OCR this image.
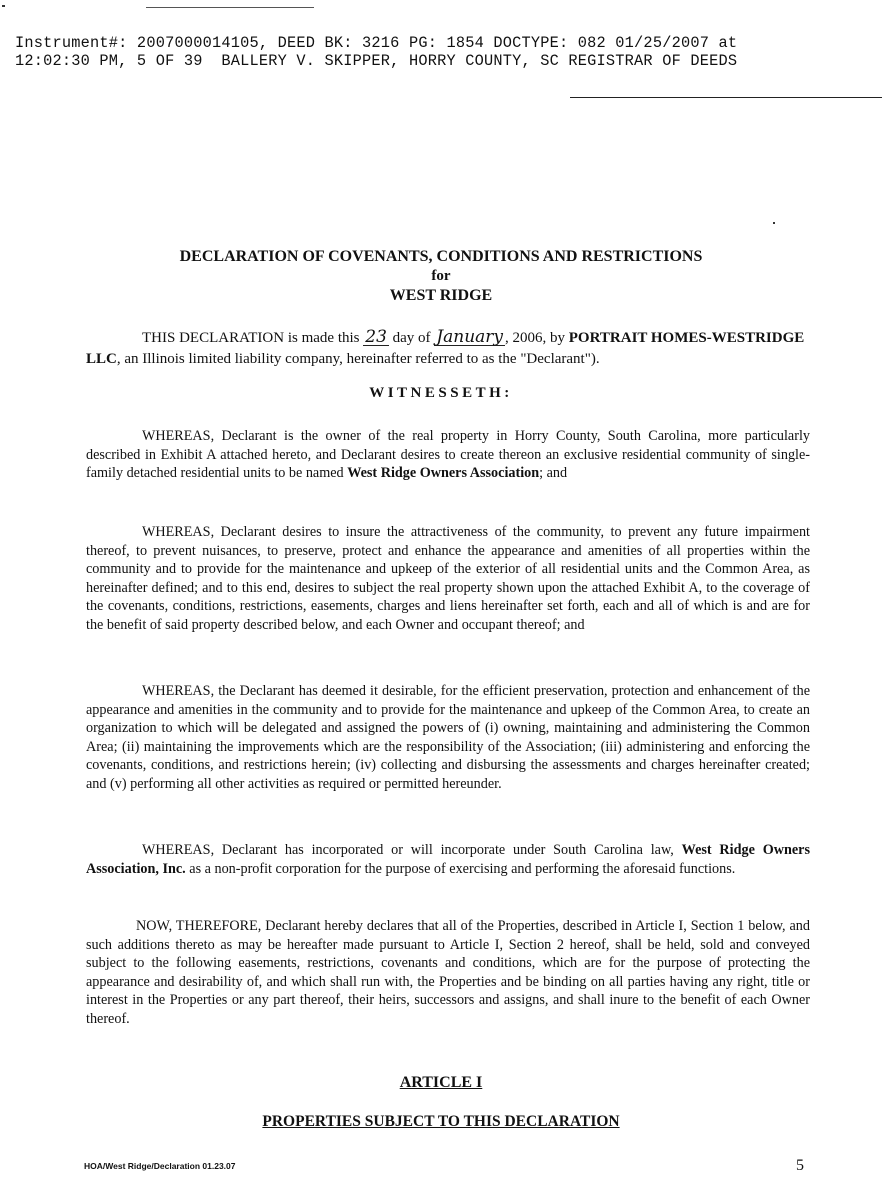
Instrument#: 2007000014105, DEED BK: 3216 PG: 1854 DOCTYPE: 082 01/25/2007 at
12:02:30 PM, 5 OF 39  BALLERY V. SKIPPER, HORRY COUNTY, SC REGISTRAR OF DEEDS
DECLARATION OF COVENANTS, CONDITIONS AND RESTRICTIONS
for
WEST RIDGE
THIS DECLARATION is made this 23 day of January , 2006, by PORTRAIT HOMES-WESTRIDGE LLC, an Illinois limited liability company, hereinafter referred to as the "Declarant").
WITNESSETH:
WHEREAS, Declarant is the owner of the real property in Horry County, South Carolina, more particularly described in Exhibit A attached hereto, and Declarant desires to create thereon an exclusive residential community of single-family detached residential units to be named West Ridge Owners Association; and
WHEREAS, Declarant desires to insure the attractiveness of the community, to prevent any future impairment thereof, to prevent nuisances, to preserve, protect and enhance the appearance and amenities of all properties within the community and to provide for the maintenance and upkeep of the exterior of all residential units and the Common Area, as hereinafter defined; and to this end, desires to subject the real property shown upon the attached Exhibit A, to the coverage of the covenants, conditions, restrictions, easements, charges and liens hereinafter set forth, each and all of which is and are for the benefit of said property described below, and each Owner and occupant thereof; and
WHEREAS, the Declarant has deemed it desirable, for the efficient preservation, protection and enhancement of the appearance and amenities in the community and to provide for the maintenance and upkeep of the Common Area, to create an organization to which will be delegated and assigned the powers of (i) owning, maintaining and administering the Common Area; (ii) maintaining the improvements which are the responsibility of the Association; (iii) administering and enforcing the covenants, conditions, and restrictions herein; (iv) collecting and disbursing the assessments and charges hereinafter created; and (v) performing all other activities as required or permitted hereunder.
WHEREAS, Declarant has incorporated or will incorporate under South Carolina law, West Ridge Owners Association, Inc. as a non-profit corporation for the purpose of exercising and performing the aforesaid functions.
NOW, THEREFORE, Declarant hereby declares that all of the Properties, described in Article I, Section 1 below, and such additions thereto as may be hereafter made pursuant to Article I, Section 2 hereof, shall be held, sold and conveyed subject to the following easements, restrictions, covenants and conditions, which are for the purpose of protecting the appearance and desirability of, and which shall run with, the Properties and be binding on all parties having any right, title or interest in the Properties or any part thereof, their heirs, successors and assigns, and shall inure to the benefit of each Owner thereof.
ARTICLE I
PROPERTIES SUBJECT TO THIS DECLARATION
HOA/West Ridge/Declaration 01.23.07	5
